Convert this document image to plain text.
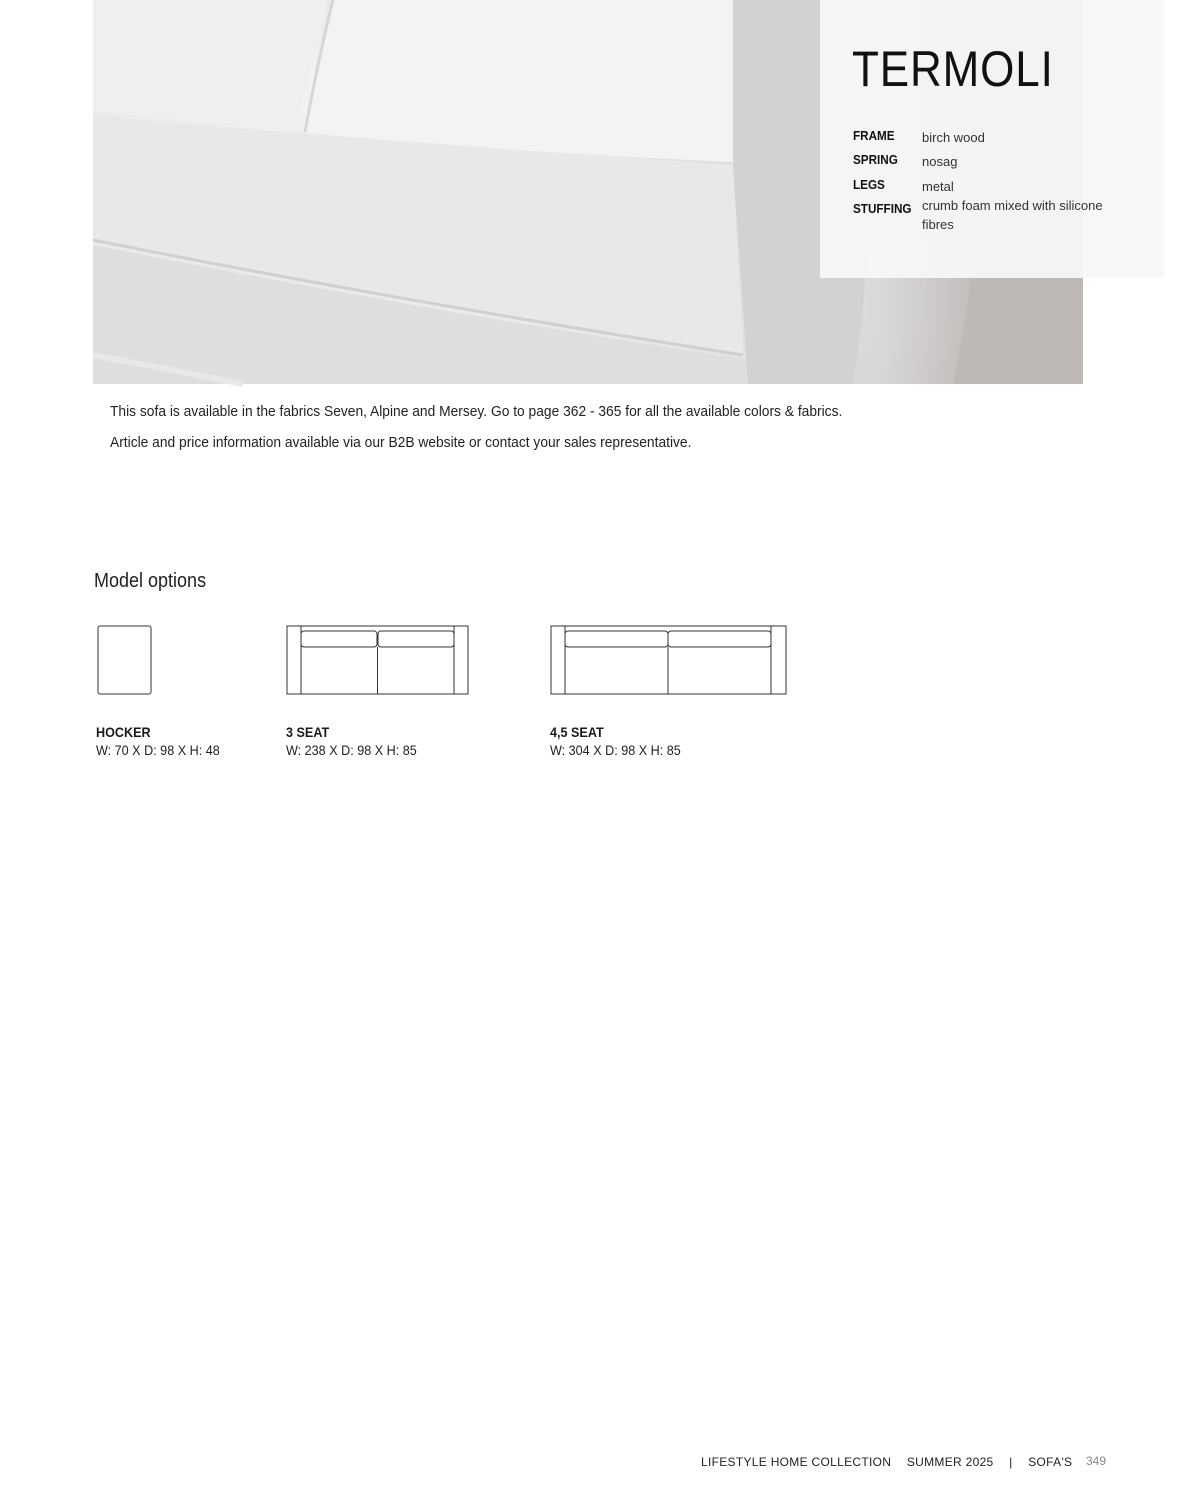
TERMOLI
FRAME	birch wood
SPRING	nosag
LEGS	metal
STUFFING crumb foam mixed with silicone fibres
This sofa is available in the fabrics Seven, Alpine and Mersey. Go to page 362 - 365 for all the available colors & fabrics.
Article and price information available via our B2B website or contact your sales representative.
Model options
HOCKER
W: 70 X D: 98 X H: 48
3 SEAT
W: 238 X D: 98 X H: 85
4,5 SEAT
W: 304 X D: 98 X H: 85
LIFESTYLE HOME COLLECTION SUMMER 2025 | SOFA'S	349
